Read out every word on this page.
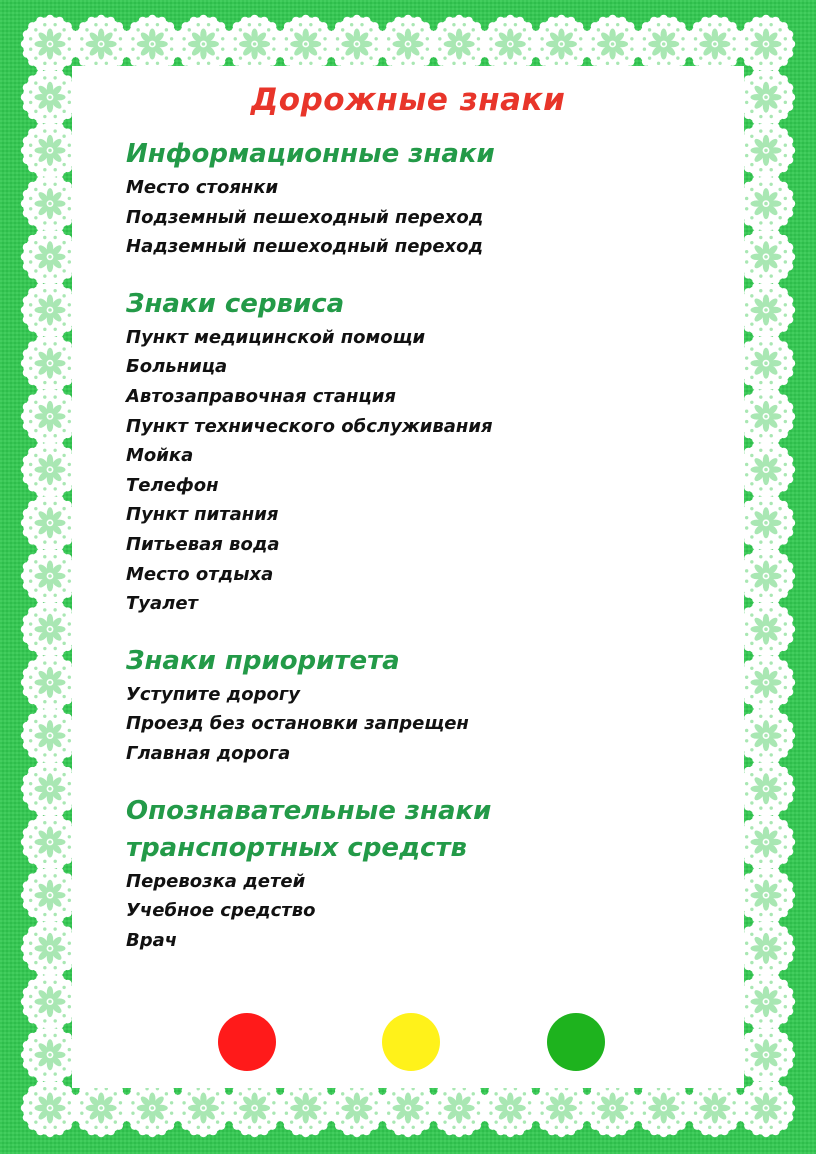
Дорожные знаки
Информационные знаки
Место стоянки
Подземный пешеходный переход
Надземный пешеходный переход
Знаки сервиса
Пункт медицинской помощи
Больница
Автозаправочная станция
Пункт технического обслуживания
Мойка
Телефон
Пункт питания
Питьевая вода
Место отдыха
Туалет
Знаки приоритета
Уступите дорогу
Проезд без остановки запрещен
Главная дорога
Опознавательные знаки
транспортных средств
Перевозка детей
Учебное средство
Врач
